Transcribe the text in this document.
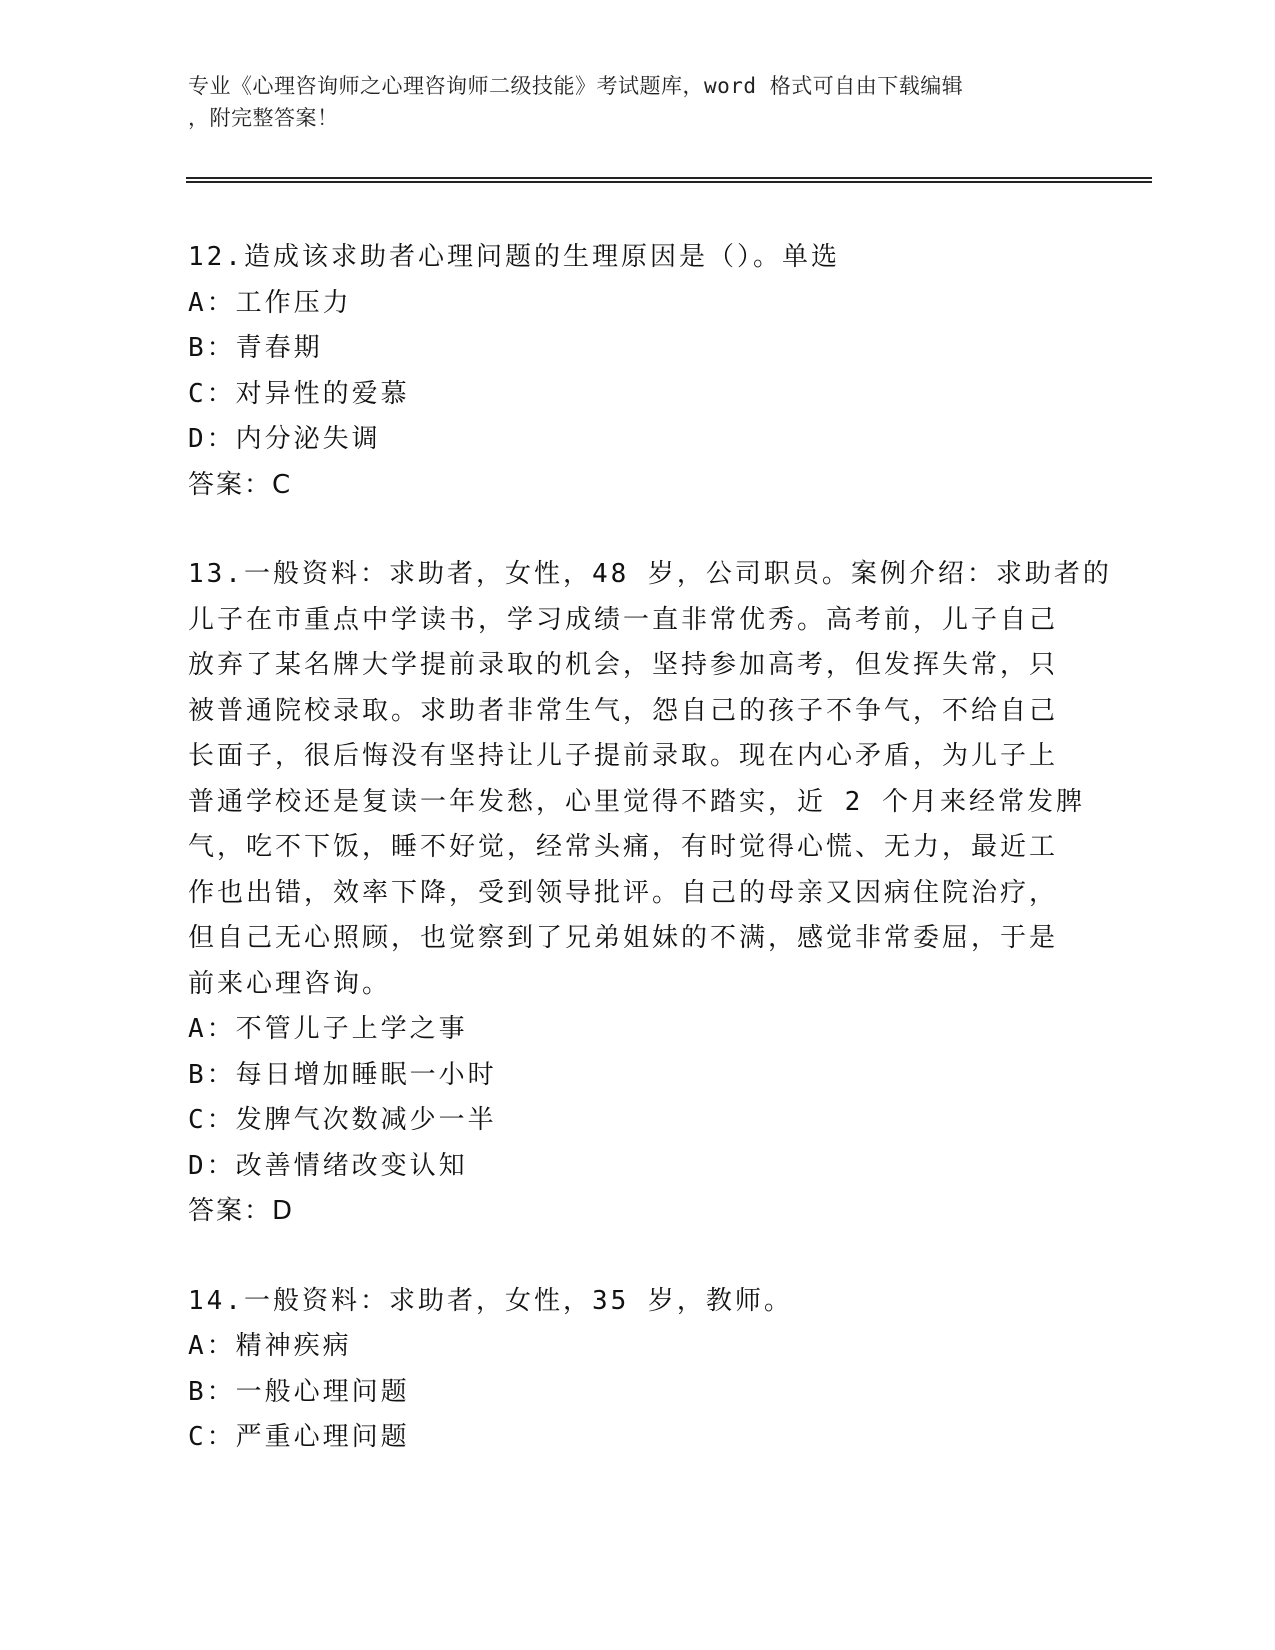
专业《心理咨询师之心理咨询师二级技能》考试题库，word 格式可自由下载编辑
，附完整答案！
12.造成该求助者心理问题的生理原因是（）。单选
A：工作压力
B：青春期
C：对异性的爱慕
D：内分泌失调
答案：C
13.一般资料：求助者，女性，48 岁，公司职员。案例介绍：求助者的
儿子在市重点中学读书，学习成绩一直非常优秀。高考前，儿子自己
放弃了某名牌大学提前录取的机会，坚持参加高考，但发挥失常，只
被普通院校录取。求助者非常生气，怨自己的孩子不争气，不给自己
长面子，很后悔没有坚持让儿子提前录取。现在内心矛盾，为儿子上
普通学校还是复读一年发愁，心里觉得不踏实，近 2 个月来经常发脾
气，吃不下饭，睡不好觉，经常头痛，有时觉得心慌、无力，最近工
作也出错，效率下降，受到领导批评。自己的母亲又因病住院治疗，
但自己无心照顾，也觉察到了兄弟姐妹的不满，感觉非常委屈，于是
前来心理咨询。
A：不管儿子上学之事
B：每日增加睡眠一小时
C：发脾气次数减少一半
D：改善情绪改变认知
答案：D
14.一般资料：求助者，女性，35 岁，教师。
A：精神疾病
B：一般心理问题
C：严重心理问题
